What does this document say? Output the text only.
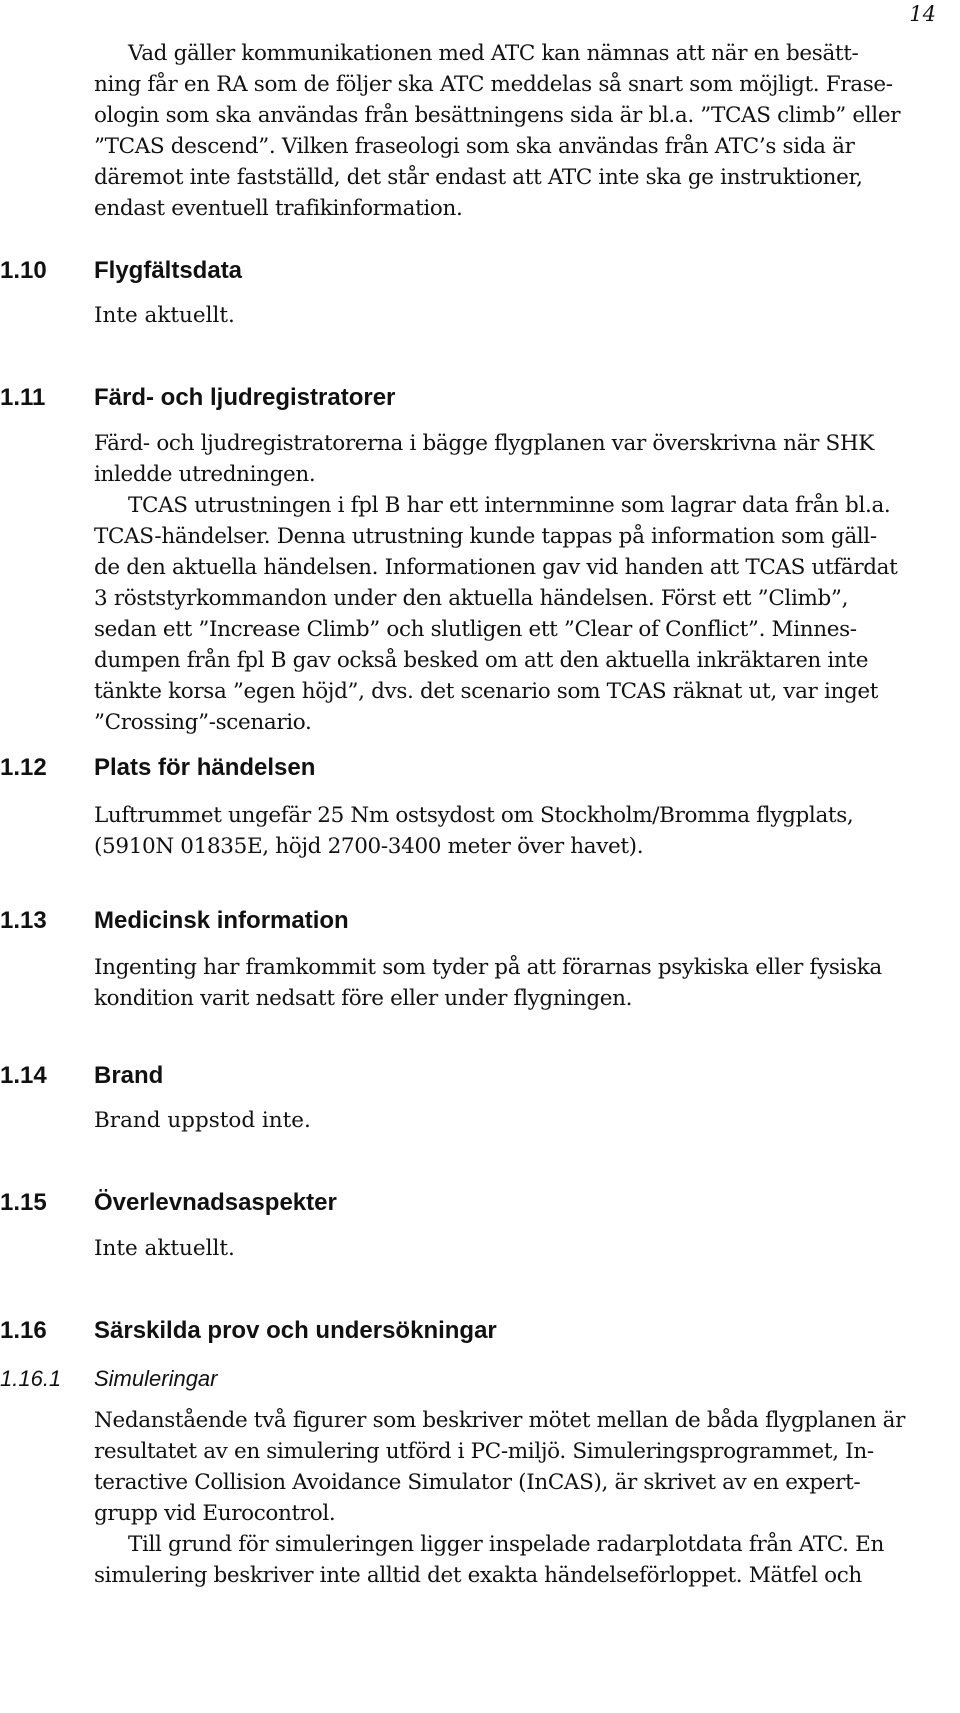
14

Vad gäller kommunikationen med ATC kan nämnas att när en besätt-
ning får en RA som de följer ska ATC meddelas så snart som möjligt. Frase-
ologin som ska användas från besättningens sida är bl.a. ”TCAS climb” eller
”TCAS descend”. Vilken fraseologi som ska användas från ATC’s sida är
däremot inte fastställd, det står endast att ATC inte ska ge instruktioner,
endast eventuell trafikinformation.

1.10 Flygfältsdata

Inte aktuellt.

1.11 Färd- och ljudregistratorer

Färd- och ljudregistratorerna i bägge flygplanen var överskrivna när SHK
inledde utredningen.

TCAS utrustningen i fpl B har ett internminne som lagrar data från bl.a.
TCAS-händelser. Denna utrustning kunde tappas på information som gäll-
de den aktuella händelsen. Informationen gav vid handen att TCAS utfärdat
3 röststyrkommandon under den aktuella händelsen. Först ett ”Climb”,
sedan ett ”Increase Climb” och slutligen ett ”Clear of Conflict”. Minnes-
dumpen från fpl B gav också besked om att den aktuella inkräktaren inte
tänkte korsa ”egen höjd”, dvs. det scenario som TCAS räknat ut, var inget
”Crossing”-scenario.

1.12 Plats för händelsen

Luftrummet ungefär 25 Nm ostsydost om Stockholm/Bromma flygplats,
(5910N 01835E, höjd 2700-3400 meter över havet).

1.13 Medicinsk information

Ingenting har framkommit som tyder på att förarnas psykiska eller fysiska
kondition varit nedsatt före eller under flygningen.

1.14 Brand

Brand uppstod inte.

1.15 Överlevnadsaspekter

Inte aktuellt.

1.16 Särskilda prov och undersökningar
1.16.1 Simuleringar

Nedanstående två figurer som beskriver mötet mellan de båda flygplanen är
resultatet av en simulering utförd i PC-miljö. Simuleringsprogrammet, In-
teractive Collision Avoidance Simulator (InCAS), är skrivet av en expert-
grupp vid Eurocontrol.

Till grund för simuleringen ligger inspelade radarplotdata från ATC. En
simulering beskriver inte alltid det exakta händelseförloppet. Mätfel och
